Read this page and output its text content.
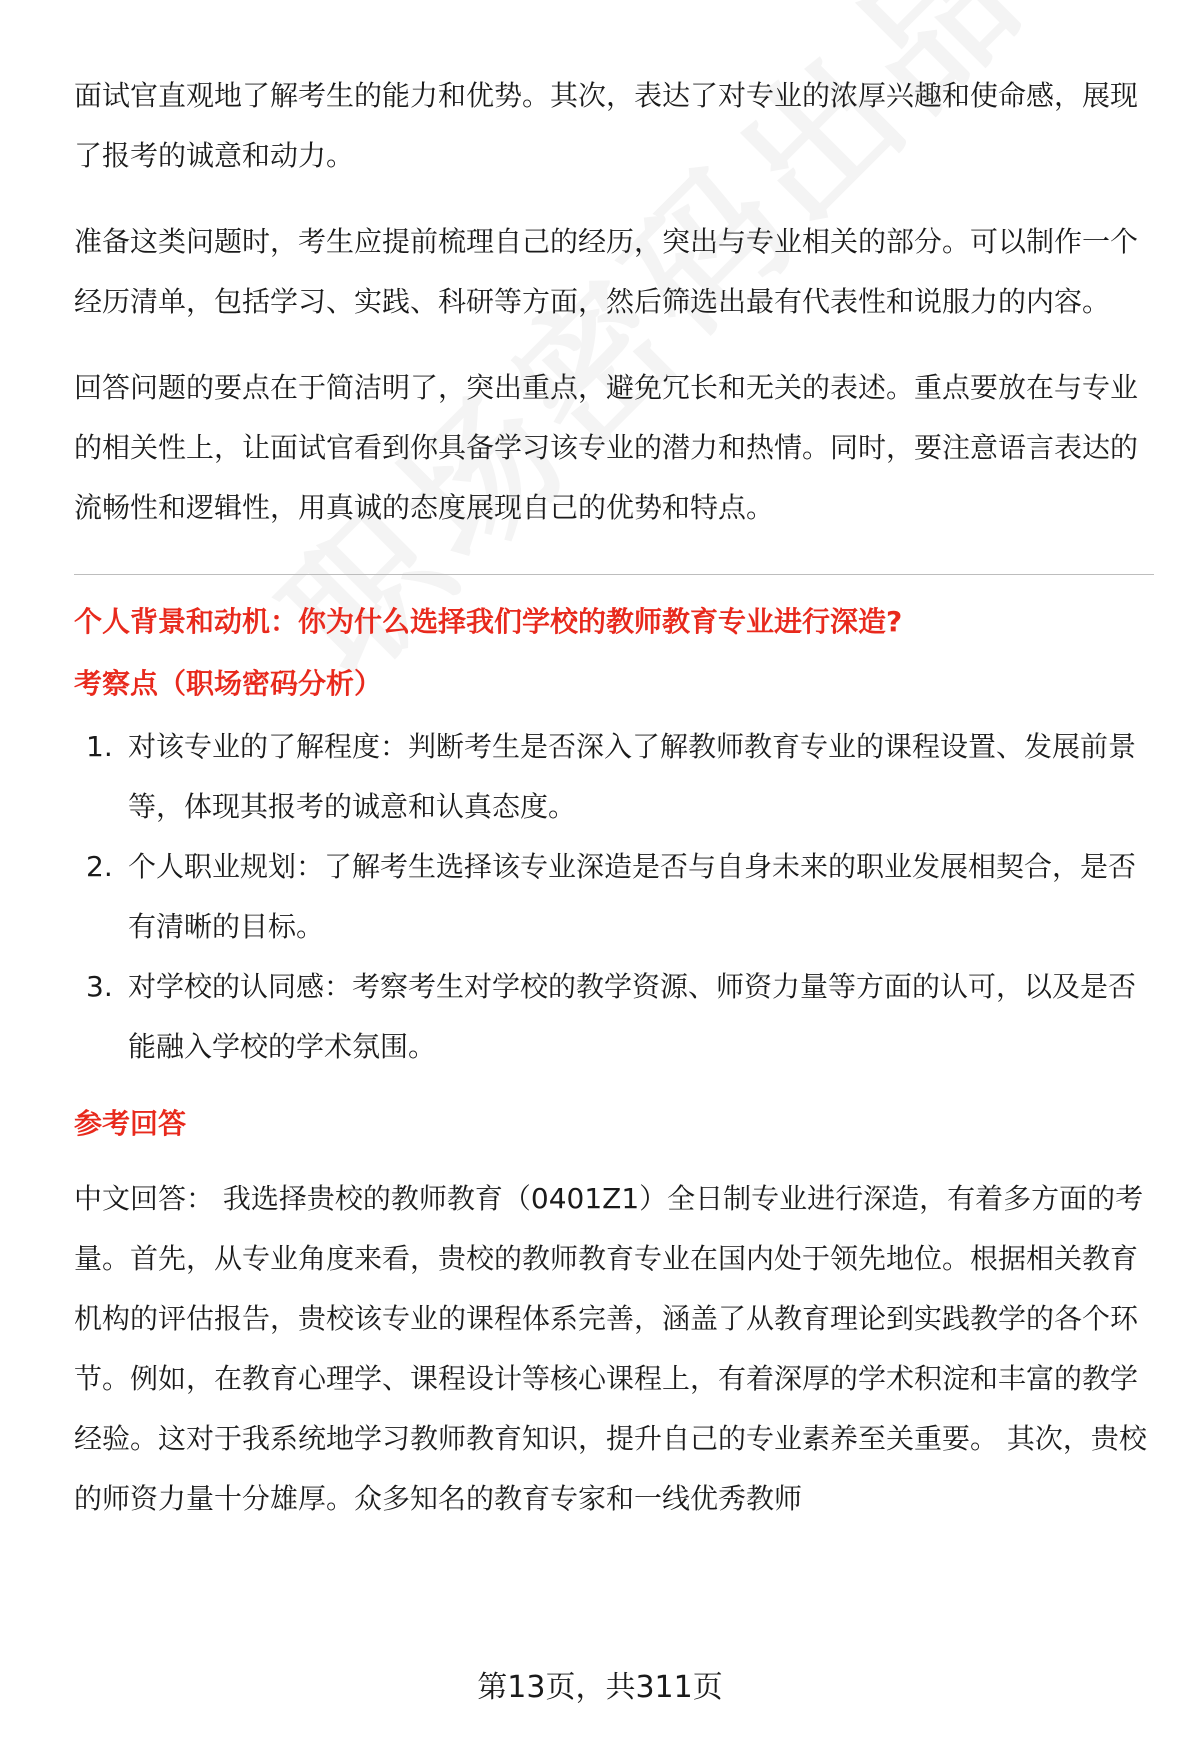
面试官直观地了解考生的能力和优势。其次，表达了对专业的浓厚兴趣和使命感，展现了报考的诚意和动力。

准备这类问题时，考生应提前梳理自己的经历，突出与专业相关的部分。可以制作一个经历清单，包括学习、实践、科研等方面，然后筛选出最有代表性和说服力的内容。

回答问题的要点在于简洁明了，突出重点，避免冗长和无关的表述。重点要放在与专业的相关性上，让面试官看到你具备学习该专业的潜力和热情。同时，要注意语言表达的流畅性和逻辑性，用真诚的态度展现自己的优势和特点。

个人背景和动机：你为什么选择我们学校的教师教育专业进行深造?
考察点（职场密码分析）
1. 对该专业的了解程度：判断考生是否深入了解教师教育专业的课程设置、发展前景等，体现其报考的诚意和认真态度。
2. 个人职业规划：了解考生选择该专业深造是否与自身未来的职业发展相契合，是否有清晰的目标。
3. 对学校的认同感：考察考生对学校的教学资源、师资力量等方面的认可，以及是否能融入学校的学术氛围。
参考回答

中文回答： 我选择贵校的教师教育（0401Z1）全日制专业进行深造，有着多方面的考量。首先，从专业角度来看，贵校的教师教育专业在国内处于领先地位。根据相关教育机构的评估报告，贵校该专业的课程体系完善，涵盖了从教育理论到实践教学的各个环节。例如，在教育心理学、课程设计等核心课程上，有着深厚的学术积淀和丰富的教学经验。这对于我系统地学习教师教育知识，提升自己的专业素养至关重要。 其次，贵校的师资力量十分雄厚。众多知名的教育专家和一线优秀教师

第13页，共311页
